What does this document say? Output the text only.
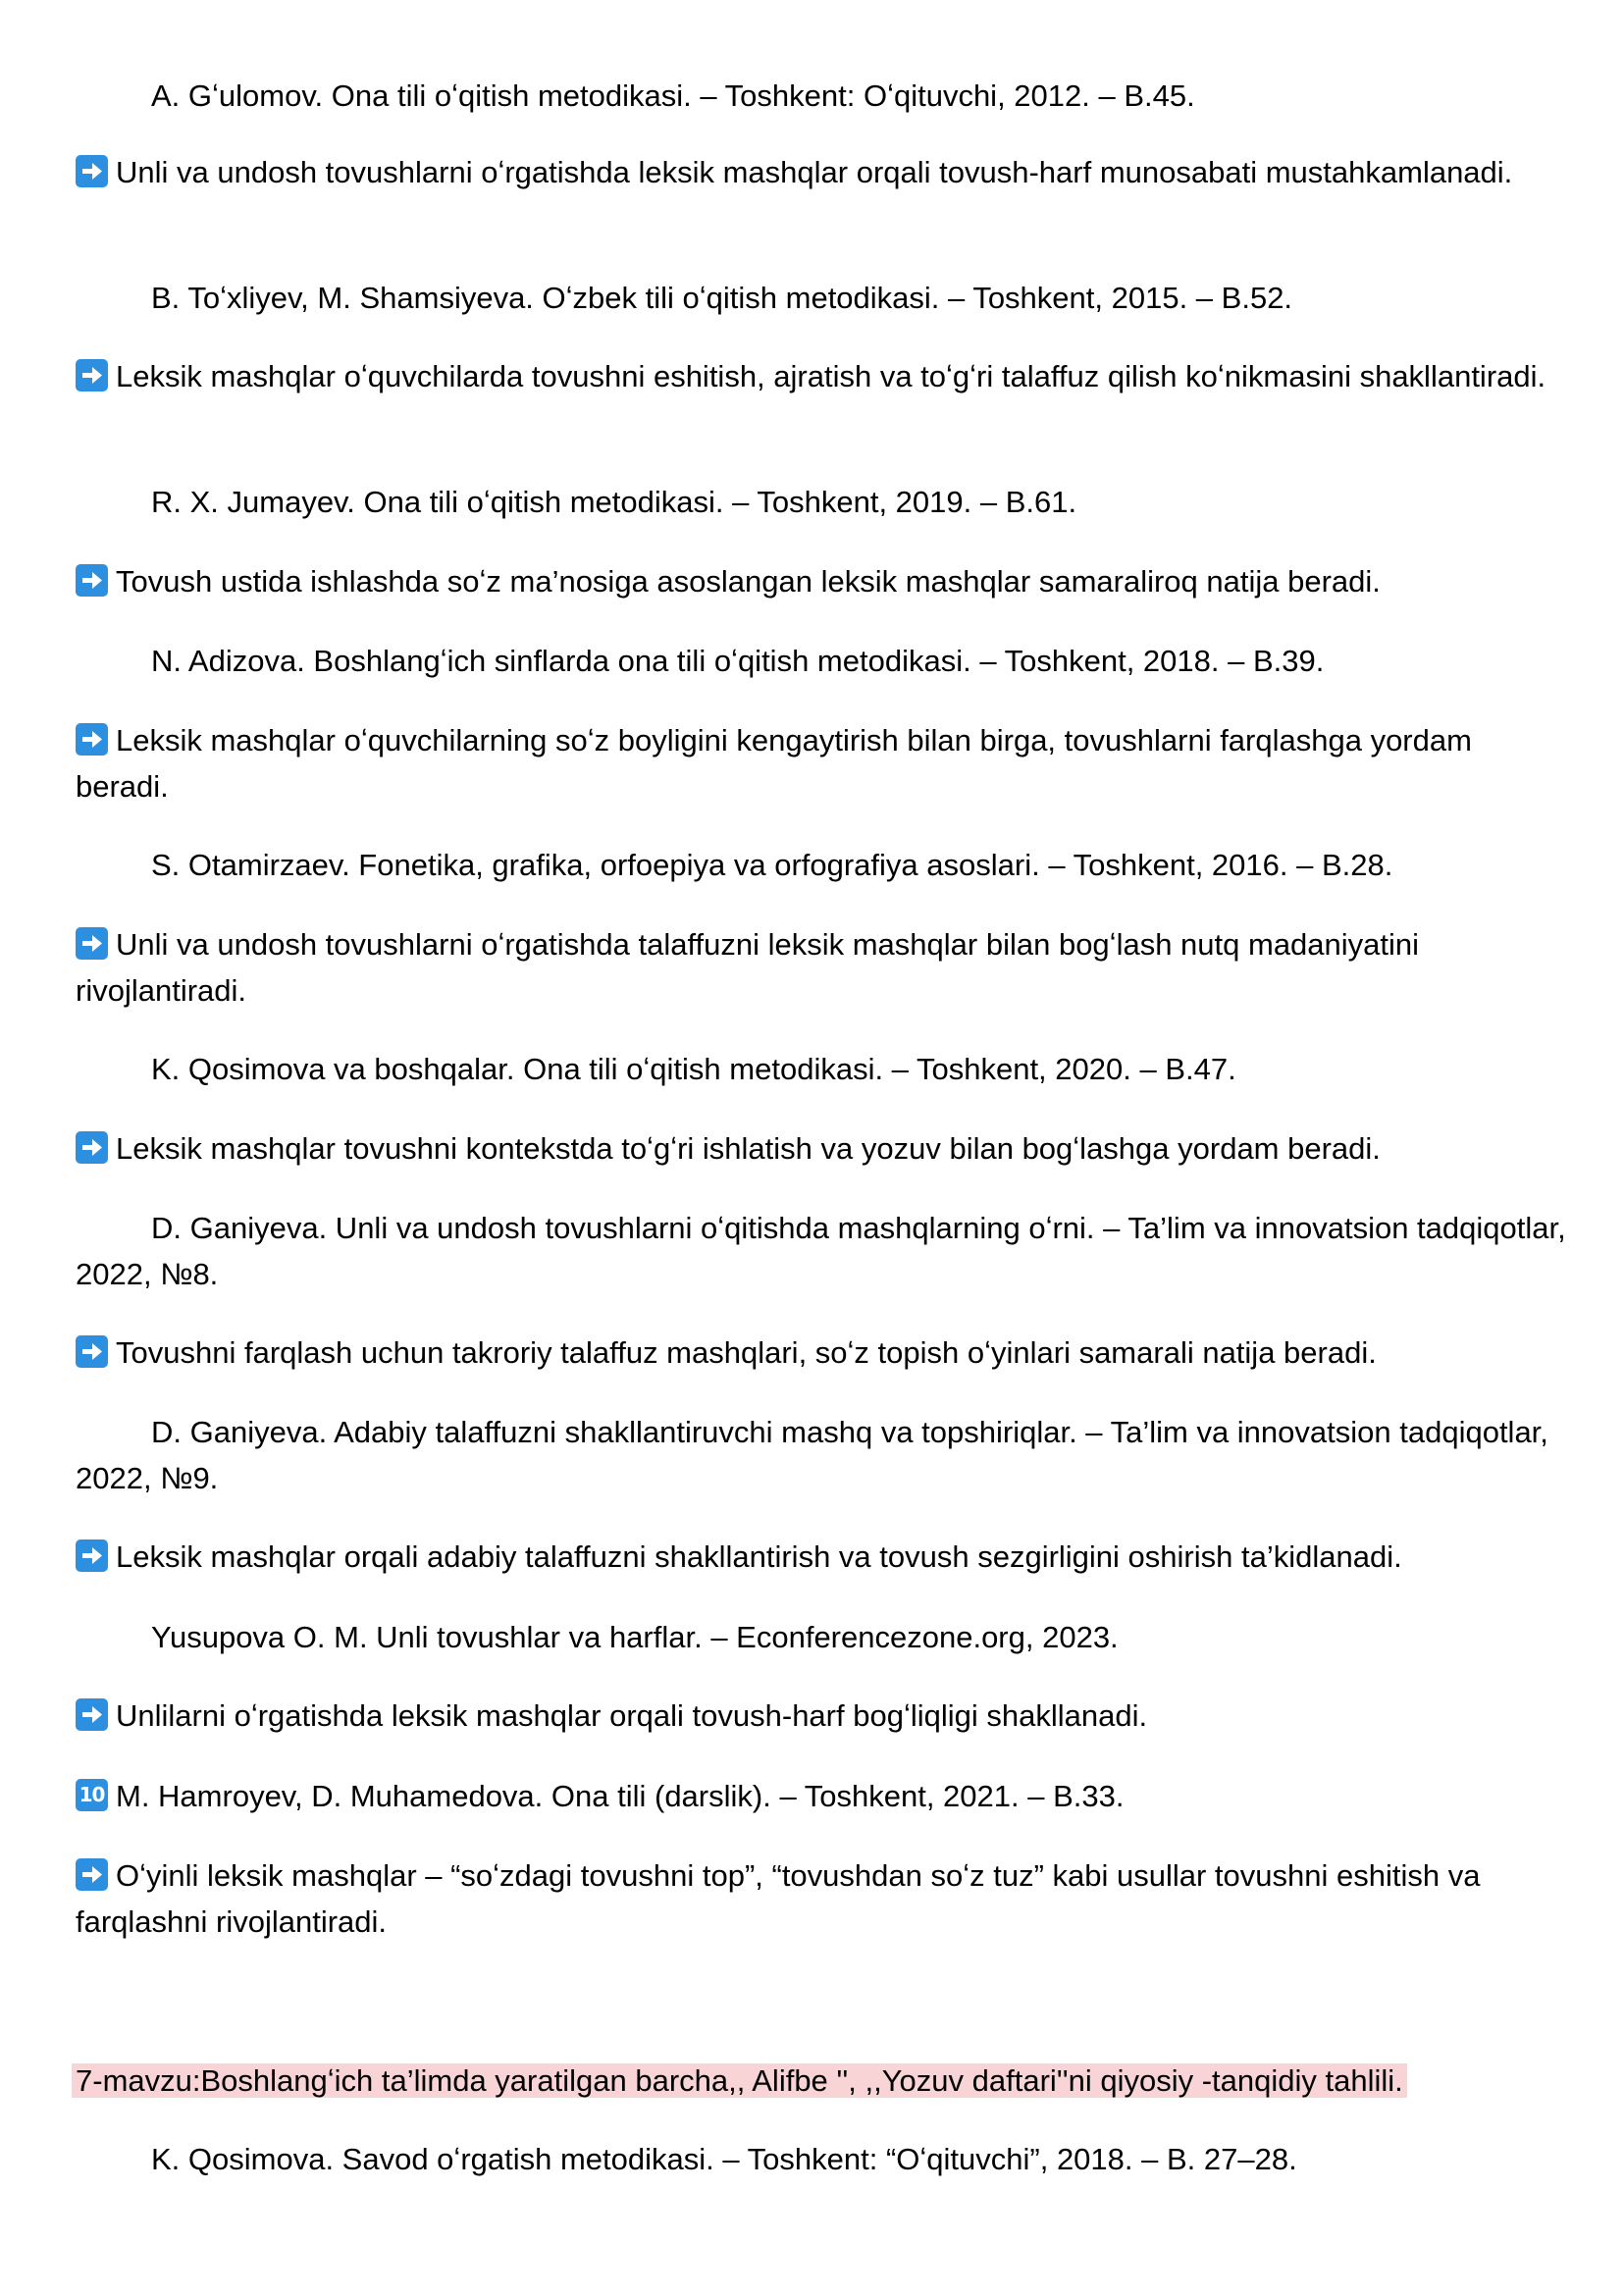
A. Gʻulomov. Ona tili oʻqitish metodikasi. – Toshkent: Oʻqituvchi, 2012. – B.45.

Unli va undosh tovushlarni oʻrgatishda leksik mashqlar orqali tovush-harf munosabati mustahkamlanadi.

B. Toʻxliyev, M. Shamsiyeva. Oʻzbek tili oʻqitish metodikasi. – Toshkent, 2015. – B.52.

Leksik mashqlar oʻquvchilarda tovushni eshitish, ajratish va toʻgʻri talaffuz qilish koʻnikmasini shakllantiradi.

R. X. Jumayev. Ona tili oʻqitish metodikasi. – Toshkent, 2019. – B.61.

Tovush ustida ishlashda soʻz ma’nosiga asoslangan leksik mashqlar samaraliroq natija beradi.

N. Adizova. Boshlangʻich sinflarda ona tili oʻqitish metodikasi. – Toshkent, 2018. – B.39.

Leksik mashqlar oʻquvchilarning soʻz boyligini kengaytirish bilan birga, tovushlarni farqlashga yordam beradi.

S. Otamirzaev. Fonetika, grafika, orfoepiya va orfografiya asoslari. – Toshkent, 2016. – B.28.

Unli va undosh tovushlarni oʻrgatishda talaffuzni leksik mashqlar bilan bogʻlash nutq madaniyatini rivojlantiradi.

K. Qosimova va boshqalar. Ona tili oʻqitish metodikasi. – Toshkent, 2020. – B.47.

Leksik mashqlar tovushni kontekstda toʻgʻri ishlatish va yozuv bilan bogʻlashga yordam beradi.

D. Ganiyeva. Unli va undosh tovushlarni oʻqitishda mashqlarning oʻrni. – Ta’lim va innovatsion tadqiqotlar, 2022, №8.

Tovushni farqlash uchun takroriy talaffuz mashqlari, soʻz topish oʻyinlari samarali natija beradi.

D. Ganiyeva. Adabiy talaffuzni shakllantiruvchi mashq va topshiriqlar. – Ta’lim va innovatsion tadqiqotlar, 2022, №9.

Leksik mashqlar orqali adabiy talaffuzni shakllantirish va tovush sezgirligini oshirish ta’kidlanadi.

Yusupova O. M. Unli tovushlar va harflar. – Econferencezone.org, 2023.

Unlilarni oʻrgatishda leksik mashqlar orqali tovush-harf bogʻliqligi shakllanadi.

10 M. Hamroyev, D. Muhamedova. Ona tili (darslik). – Toshkent, 2021. – B.33.

Oʻyinli leksik mashqlar – “soʻzdagi tovushni top”, “tovushdan soʻz tuz” kabi usullar tovushni eshitish va farqlashni rivojlantiradi.

7-mavzu:Boshlangʻich ta’limda yaratilgan barcha,, Alifbe '', ,,Yozuv daftari''ni qiyosiy -tanqidiy tahlili.

K. Qosimova. Savod oʻrgatish metodikasi. – Toshkent: “Oʻqituvchi”, 2018. – B. 27–28.
